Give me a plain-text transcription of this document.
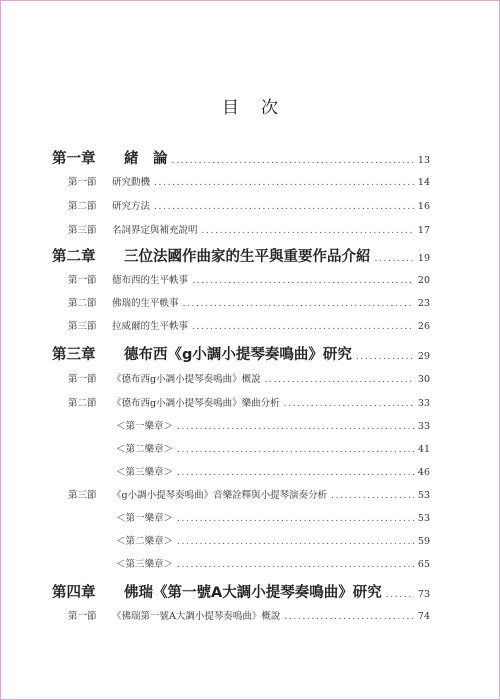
目次
第一章	緒　論 . . .	13
第一節	研究動機 . . .	14
第二節	研究方法 . . .	16
第三節	名詞界定與補充說明 . . .	17
第二章	三位法國作曲家的生平與重要作品介紹 . . .	19
第一節	德布西的生平軼事 . . .	20
第二節	佛瑞的生平軼事 . . .	23
第三節	拉威爾的生平軼事 . . .	26
第三章	德布西《g小調小提琴奏鳴曲》研究 . . .	29
第一節	《德布西g小調小提琴奏鳴曲》概說 . . .	30
第二節	《德布西g小調小提琴奏鳴曲》樂曲分析 . . .	33
＜第一樂章＞ . . .	33
＜第二樂章＞ . . .	41
＜第三樂章＞ . . .	46
第三節	《g小調小提琴奏鳴曲》音樂詮釋與小提琴演奏分析 . . .	53
＜第一樂章＞ . . .	53
＜第二樂章＞ . . .	59
＜第三樂章＞ . . .	65
第四章	佛瑞《第一號A大調小提琴奏鳴曲》研究 . . .	73
第一節	《佛瑞第一號A大調小提琴奏鳴曲》概說 . . .	74
